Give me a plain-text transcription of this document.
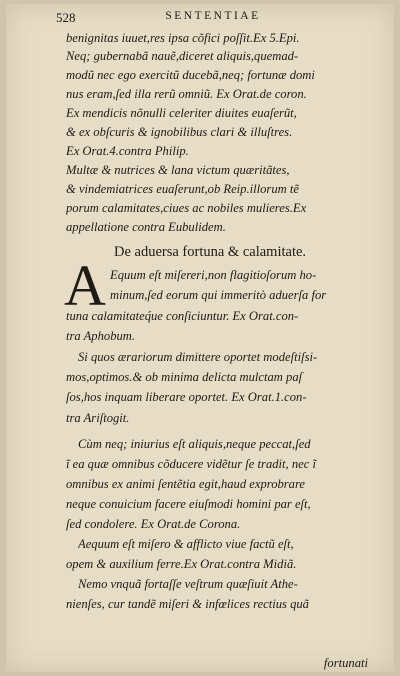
528	SENTENTIAE
benignitas iuuet,res ipsa cõfici poſſit.Ex 5.Epi.
Neq; gubernabã nauẽ,diceret aliquis,quemad-
modũ nec ego exercitũ ducebã,neq; fortunæ domi
nus eram,ſed illa rerũ omniũ. Ex Orat.de coron.
Ex mendicis nõnulli celeriter diuites euaſerũt,
& ex obſcuris & ignobilibus clari & illuſtres.
Ex Orat.4.contra Philip.
Multæ & nutrices & lana victum quæritãtes,
& vindemiatrices euaſerunt,ob Reip.illorum tẽ
porum calamitates,ciues ac nobiles mulieres.Ex
appellatione contra Eubulidem.
De aduersa fortuna & calamitate.
A Equum eſt miſereri,non flagitioſorum ho-
minum,ſed eorum qui immeritò aduerſa for
tuna calamitateq́ue conſiciuntur. Ex Orat.con-
tra Aphobum.
Si quos ærariorum dimittere oportet modeſtiſsi-
mos,optimos.& ob minima delicta mulctam paſ
ſos,hos inquam liberare oportet. Ex Orat.1.con-
tra Ariſtogit.
Cùm neq; iniurius eſt aliquis,neque peccat,ſed
ĩ ea quæ omnibus cõducere vidẽtur ſe tradit, nec ĩ
omnibus ex animi ſentẽtia egit,haud exprobrare
neque conuicium facere eiuſmodi homini par eſt,
ſed condolere. Ex Orat.de Corona.
Aequum eſt miſero & afflicto viue factũ eſt,
opem & auxilium ferre.Ex Orat.contra Midiã.
Nemo vnquã fortaſſe veſtrum quæſiuit Athe-
nienſes, cur tandẽ miſeri & infœlices rectius quã
fortunati
